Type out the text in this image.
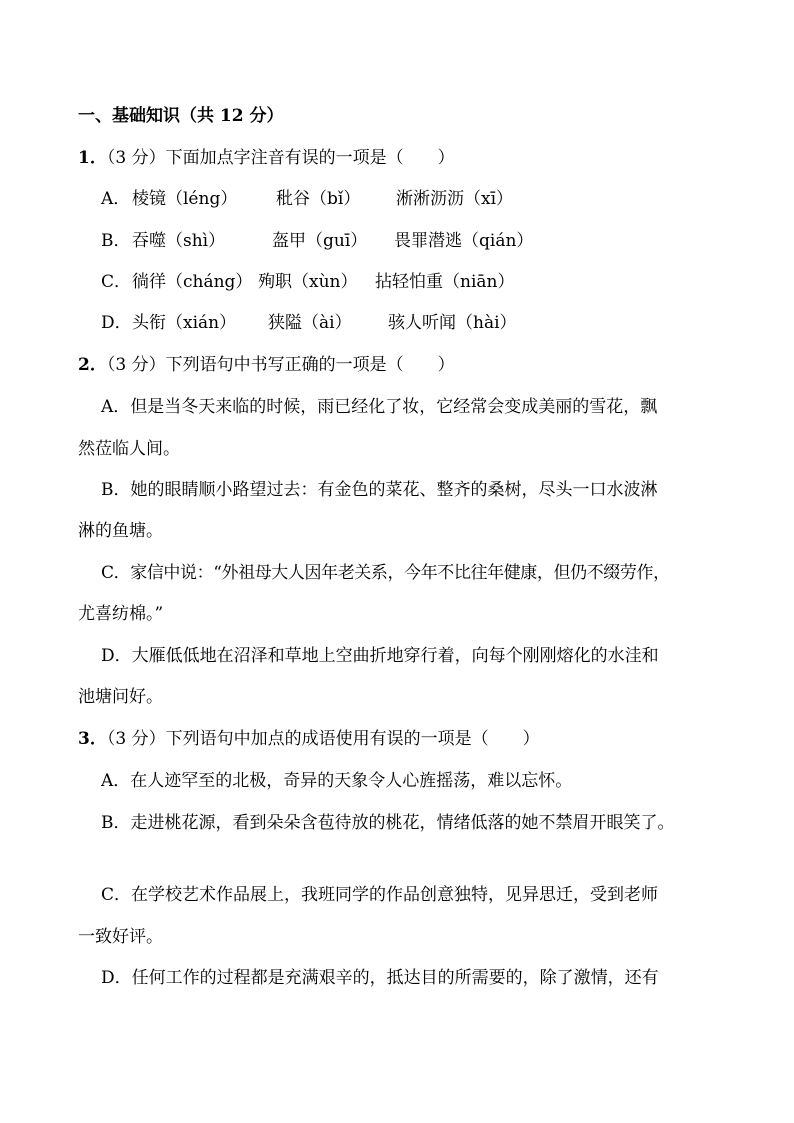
一、基础知识（共 12 分）
1．（3 分）下面加点字注音有误的一项是（　　）
A． 棱镜（léng） 秕谷（bǐ） 淅淅沥沥（xī）
B． 吞噬（shì）	盔甲（guī） 畏罪潜逃（qián）
C． 徜徉（cháng） 殉职（xùn） 拈轻怕重（niān）
D． 头衔（xián） 狭隘（ài） 骇人听闻（hài）
2．（3 分）下列语句中书写正确的一项是（　　）
A．但是当冬天来临的时候，雨已经化了妆，它经常会变成美丽的雪花，飘
然莅临人间。
B．她的眼睛顺小路望过去：有金色的菜花、整齐的桑树，尽头一口水波淋
淋的鱼塘。
C．家信中说：“外祖母大人因年老关系，今年不比往年健康，但仍不缀劳作，
尤喜纺棉。”
D．大雁低低地在沼泽和草地上空曲折地穿行着，向每个刚刚熔化的水洼和
池塘问好。
3．（3 分）下列语句中加点的成语使用有误的一项是（　　）
A．在人迹罕至的北极，奇异的天象令人心旌摇荡，难以忘怀。
B．走进桃花源，看到朵朵含苞待放的桃花，情绪低落的她不禁眉开眼笑了。
C．在学校艺术作品展上，我班同学的作品创意独特，见异思迁，受到老师
一致好评。
D．任何工作的过程都是充满艰辛的，抵达目的所需要的，除了激情，还有
